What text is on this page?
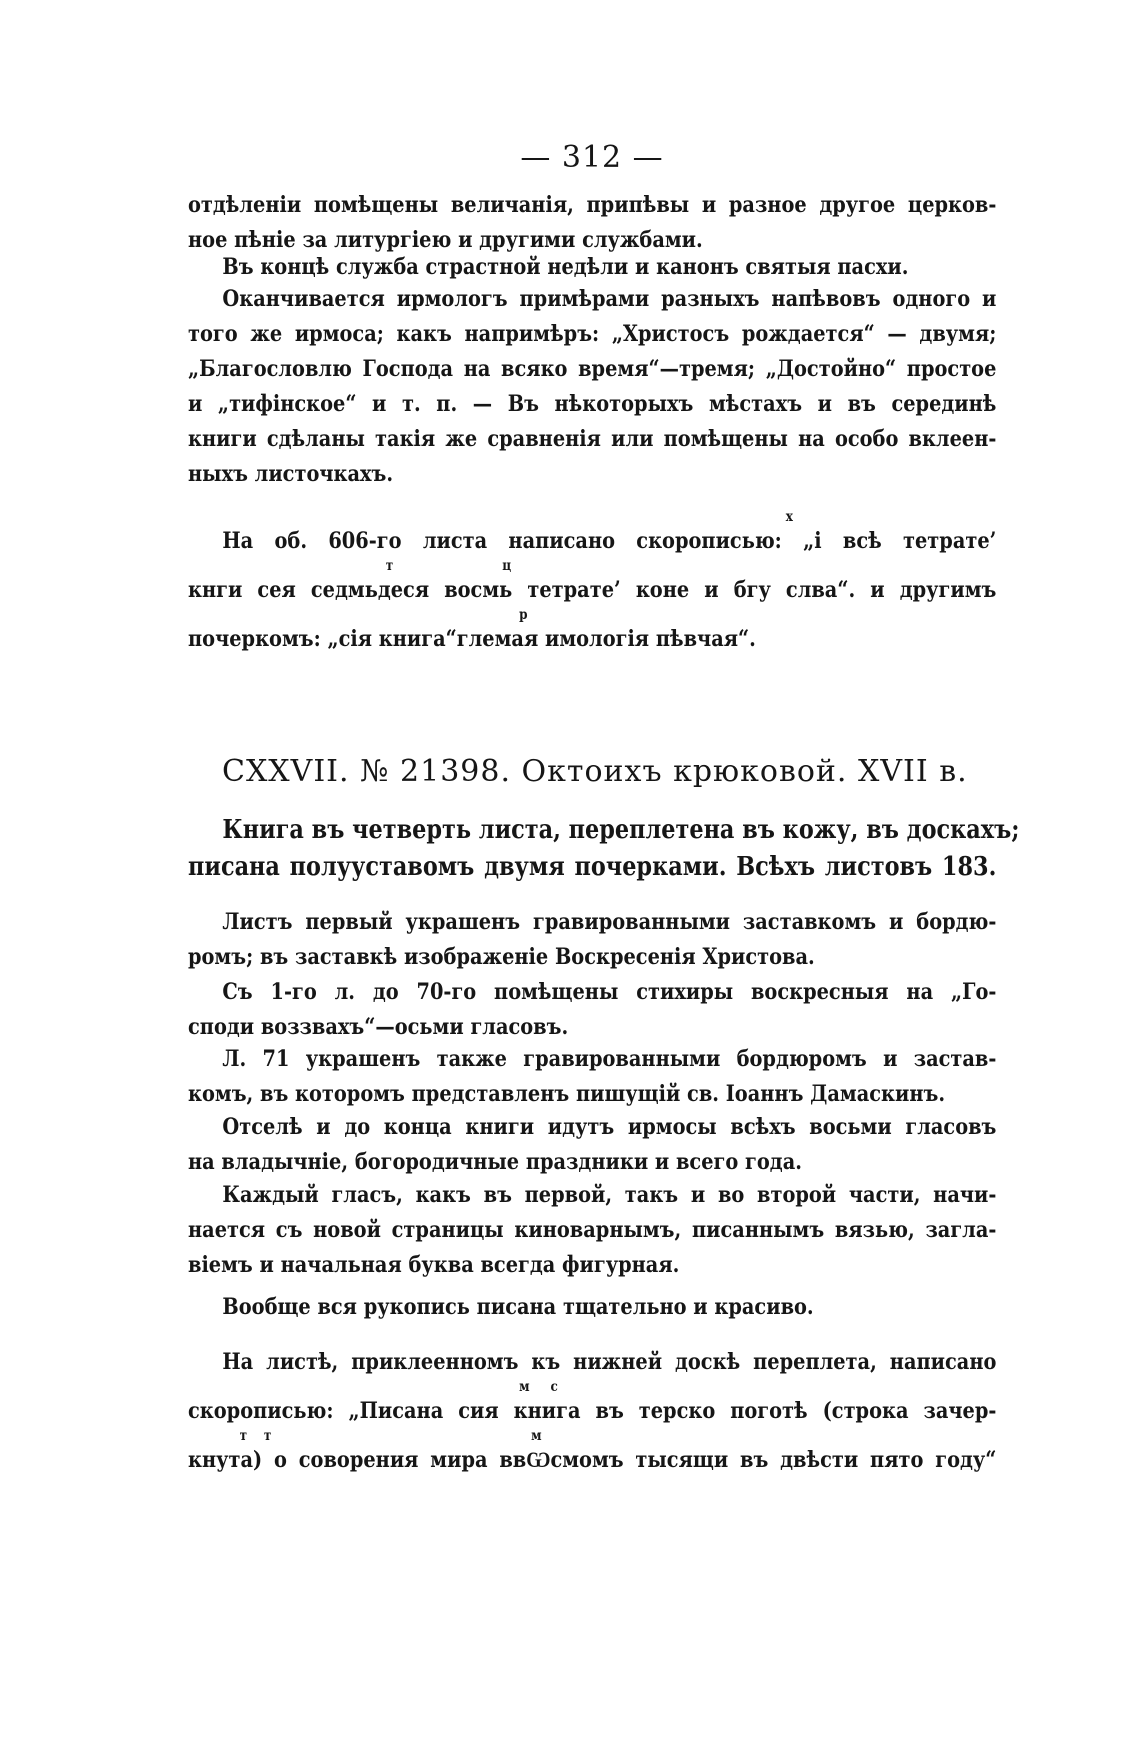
— 312 —
отдѣленіи помѣщены величанія, припѣвы и разное другое церков-
ное пѣніе за литургіею и другими службами.
Въ концѣ служба страстной недѣли и канонъ святыя пасхи.
Оканчивается ирмологъ примѣрами разныхъ напѣвовъ одного и
того же ирмоса; какъ напримѣръ: „Христосъ рождается“ — двумя;
„Благословлю Господа на всяко время“—тремя; „Достойно“ простое
и „тифінское“ и т. п. — Въ нѣкоторыхъ мѣстахъ и въ серединѣ
книги сдѣланы такія же сравненія или помѣщены на особо вклеен-
ныхъ листочкахъ.
х
На об. 606-го листа написано скорописью: „і всѣ тетрате’
т                          ц
кнги сея седмьдеся восмь тетрате’ коне и бгу слва“. и другимъ
р
почеркомъ: „сія книга“глемая имологія пѣвчая“.
CXXVII. № 21398. Октоихъ крюковой. XVII в.
Книга въ четверть листа, переплетена въ кожу, въ доскахъ;
писана полууставомъ двумя почерками. Всѣхъ листовъ 183.
Листъ первый украшенъ гравированными заставкомъ и бордю-
ромъ; въ заставкѣ изображеніе Воскресенія Христова.
Съ 1-го л. до 70-го помѣщены стихиры воскресныя на „Го-
споди воззвахъ“—осьми гласовъ.
Л. 71 украшенъ также гравированными бордюромъ и застав-
комъ, въ которомъ представленъ пишущій св. Іоаннъ Дамаскинъ.
Отселѣ и до конца книги идутъ ирмосы всѣхъ восьми гласовъ
на владычніе, богородичные праздники и всего года.
Каждый гласъ, какъ въ первой, такъ и во второй части, начи-
нается съ новой страницы киноварнымъ, писаннымъ вязью, загла-
віемъ и начальная буква всегда фигурная.
Вообще вся рукопись писана тщательно и красиво.
На листѣ, приклеенномъ къ нижней доскѣ переплета, написано
м     с
скорописью: „Писана сия книга въ терско поготѣ (строка зачер-
т    т                                                              м
кнута) о соворения мира ввѠсмомъ тысящи въ двѣсти пято году“
